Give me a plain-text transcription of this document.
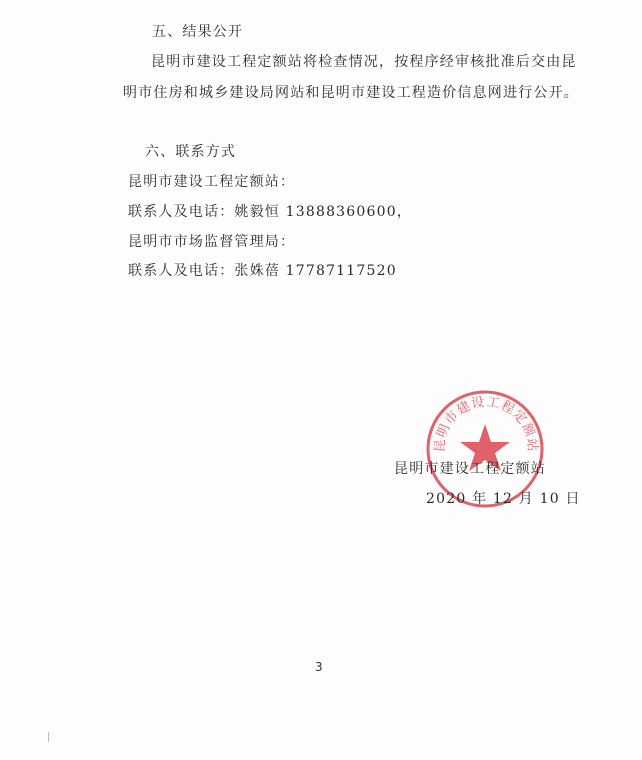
五、结果公开
昆明市建设工程定额站将检查情况，按程序经审核批准后交由昆
明市住房和城乡建设局网站和昆明市建设工程造价信息网进行公开。
六、联系方式
昆明市建设工程定额站：
联系人及电话：姚毅恒 13888360600，
昆明市市场监督管理局：
联系人及电话：张姝蓓 17787117520
昆明市建设工程定额站
昆明市建设工程定额站
2020 年 12 月 10 日
3
